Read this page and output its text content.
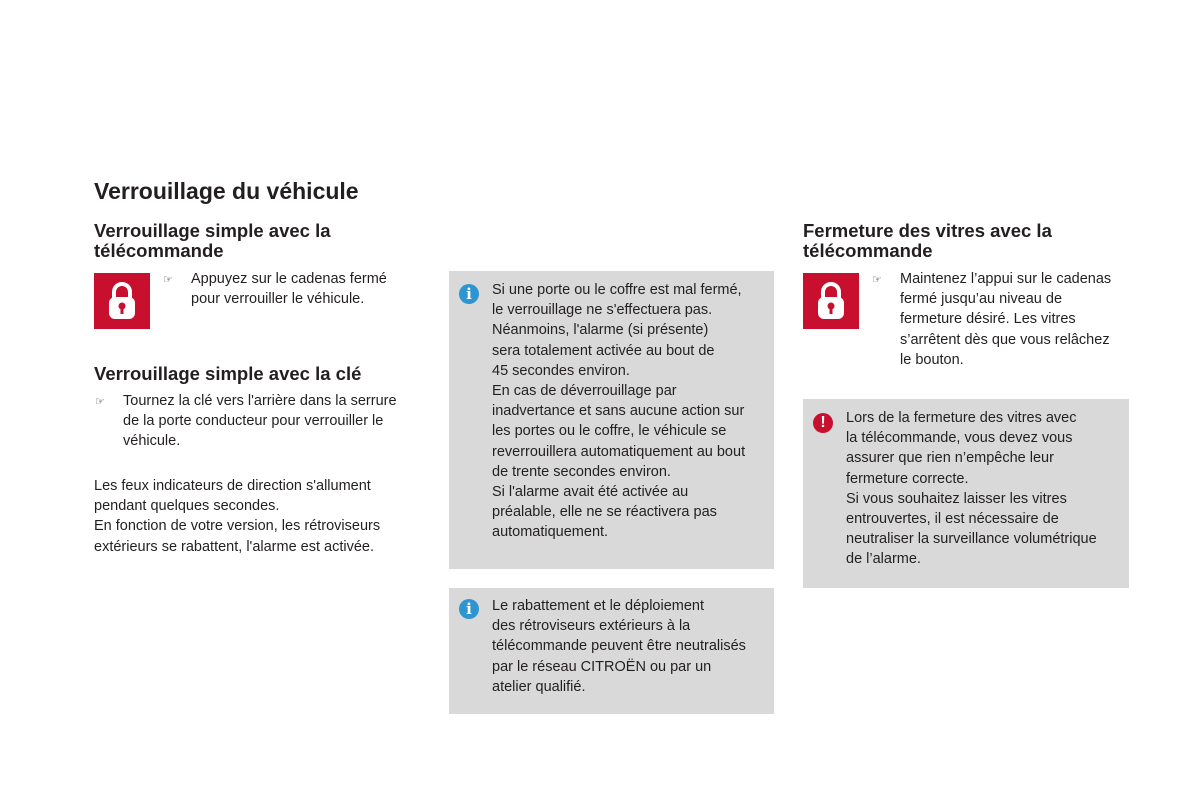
Verrouillage du véhicule
Verrouillage simple avec la
télécommande
☞ Appuyez sur le cadenas fermé
pour verrouiller le véhicule.
Verrouillage simple avec la clé
☞ Tournez la clé vers l'arrière dans la serrure
de la porte conducteur pour verrouiller le
véhicule.
Les feux indicateurs de direction s'allument
pendant quelques secondes.
En fonction de votre version, les rétroviseurs
extérieurs se rabattent, l'alarme est activée.
i	Si une porte ou le coffre est mal fermé,
le verrouillage ne s'effectuera pas.
Néanmoins, l'alarme (si présente)
sera totalement activée au bout de
45 secondes environ.
En cas de déverrouillage par
inadvertance et sans aucune action sur
les portes ou le coffre, le véhicule se
reverrouillera automatiquement au bout
de trente secondes environ.
Si l'alarme avait été activée au
préalable, elle ne se réactivera pas
automatiquement.
i	Le rabattement et le déploiement
des rétroviseurs extérieurs à la
télécommande peuvent être neutralisés
par le réseau CITROËN ou par un
atelier qualifié.
Fermeture des vitres avec la
télécommande
☞ Maintenez l’appui sur le cadenas
fermé jusqu’au niveau de
fermeture désiré. Les vitres
s’arrêtent dès que vous relâchez
le bouton.
!	Lors de la fermeture des vitres avec
la télécommande, vous devez vous
assurer que rien n’empêche leur
fermeture correcte.
Si vous souhaitez laisser les vitres
entrouvertes, il est nécessaire de
neutraliser la surveillance volumétrique
de l’alarme.
